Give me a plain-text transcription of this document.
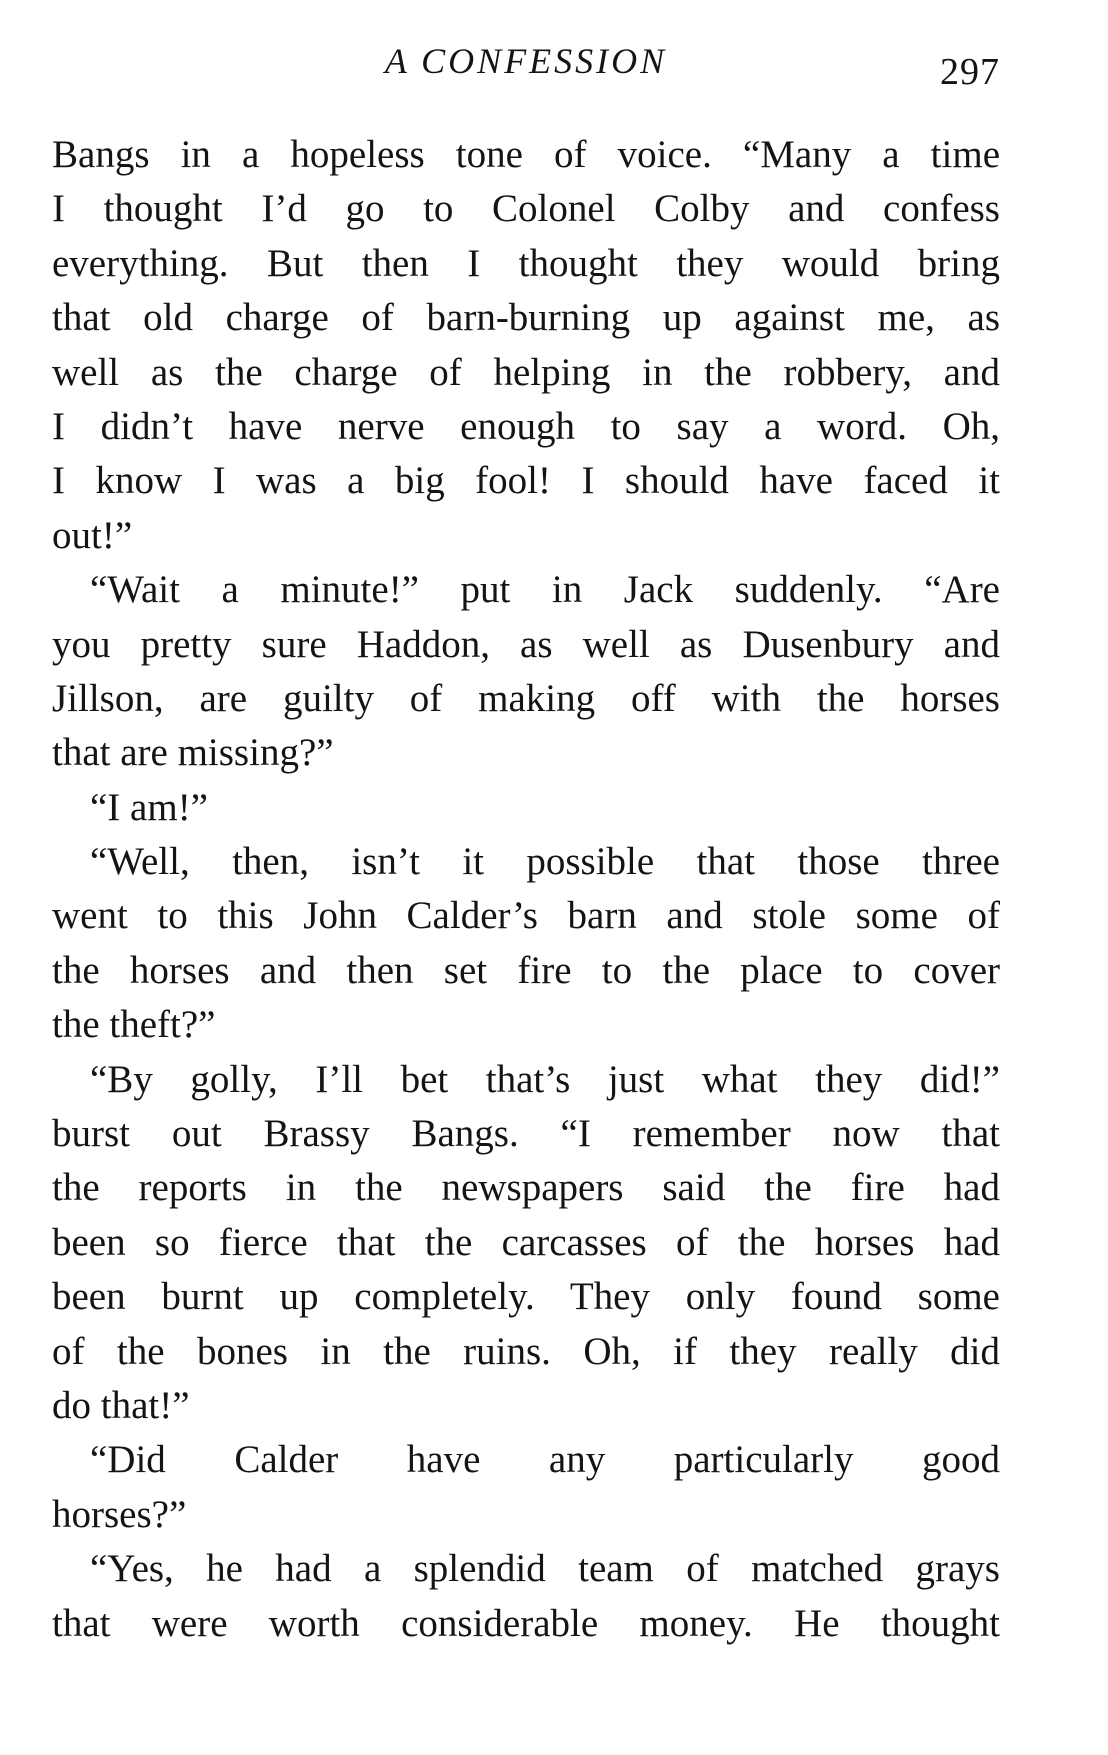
A CONFESSION	297
Bangs in a hopeless tone of voice. “Many a time
I thought I’d go to Colonel Colby and confess
everything. But then I thought they would bring
that old charge of barn-burning up against me, as
well as the charge of helping in the robbery, and
I didn’t have nerve enough to say a word. Oh,
I know I was a big fool! I should have faced it
out!”
“Wait a minute!” put in Jack suddenly. “Are
you pretty sure Haddon, as well as Dusenbury and
Jillson, are guilty of making off with the horses
that are missing?”
“I am!”
“Well, then, isn’t it possible that those three
went to this John Calder’s barn and stole some of
the horses and then set fire to the place to cover
the theft?”
“By golly, I’ll bet that’s just what they did!”
burst out Brassy Bangs. “I remember now that
the reports in the newspapers said the fire had
been so fierce that the carcasses of the horses had
been burnt up completely. They only found some
of the bones in the ruins. Oh, if they really did
do that!”
“Did Calder have any particularly good
horses?”
“Yes, he had a splendid team of matched grays
that were worth considerable money. He thought
